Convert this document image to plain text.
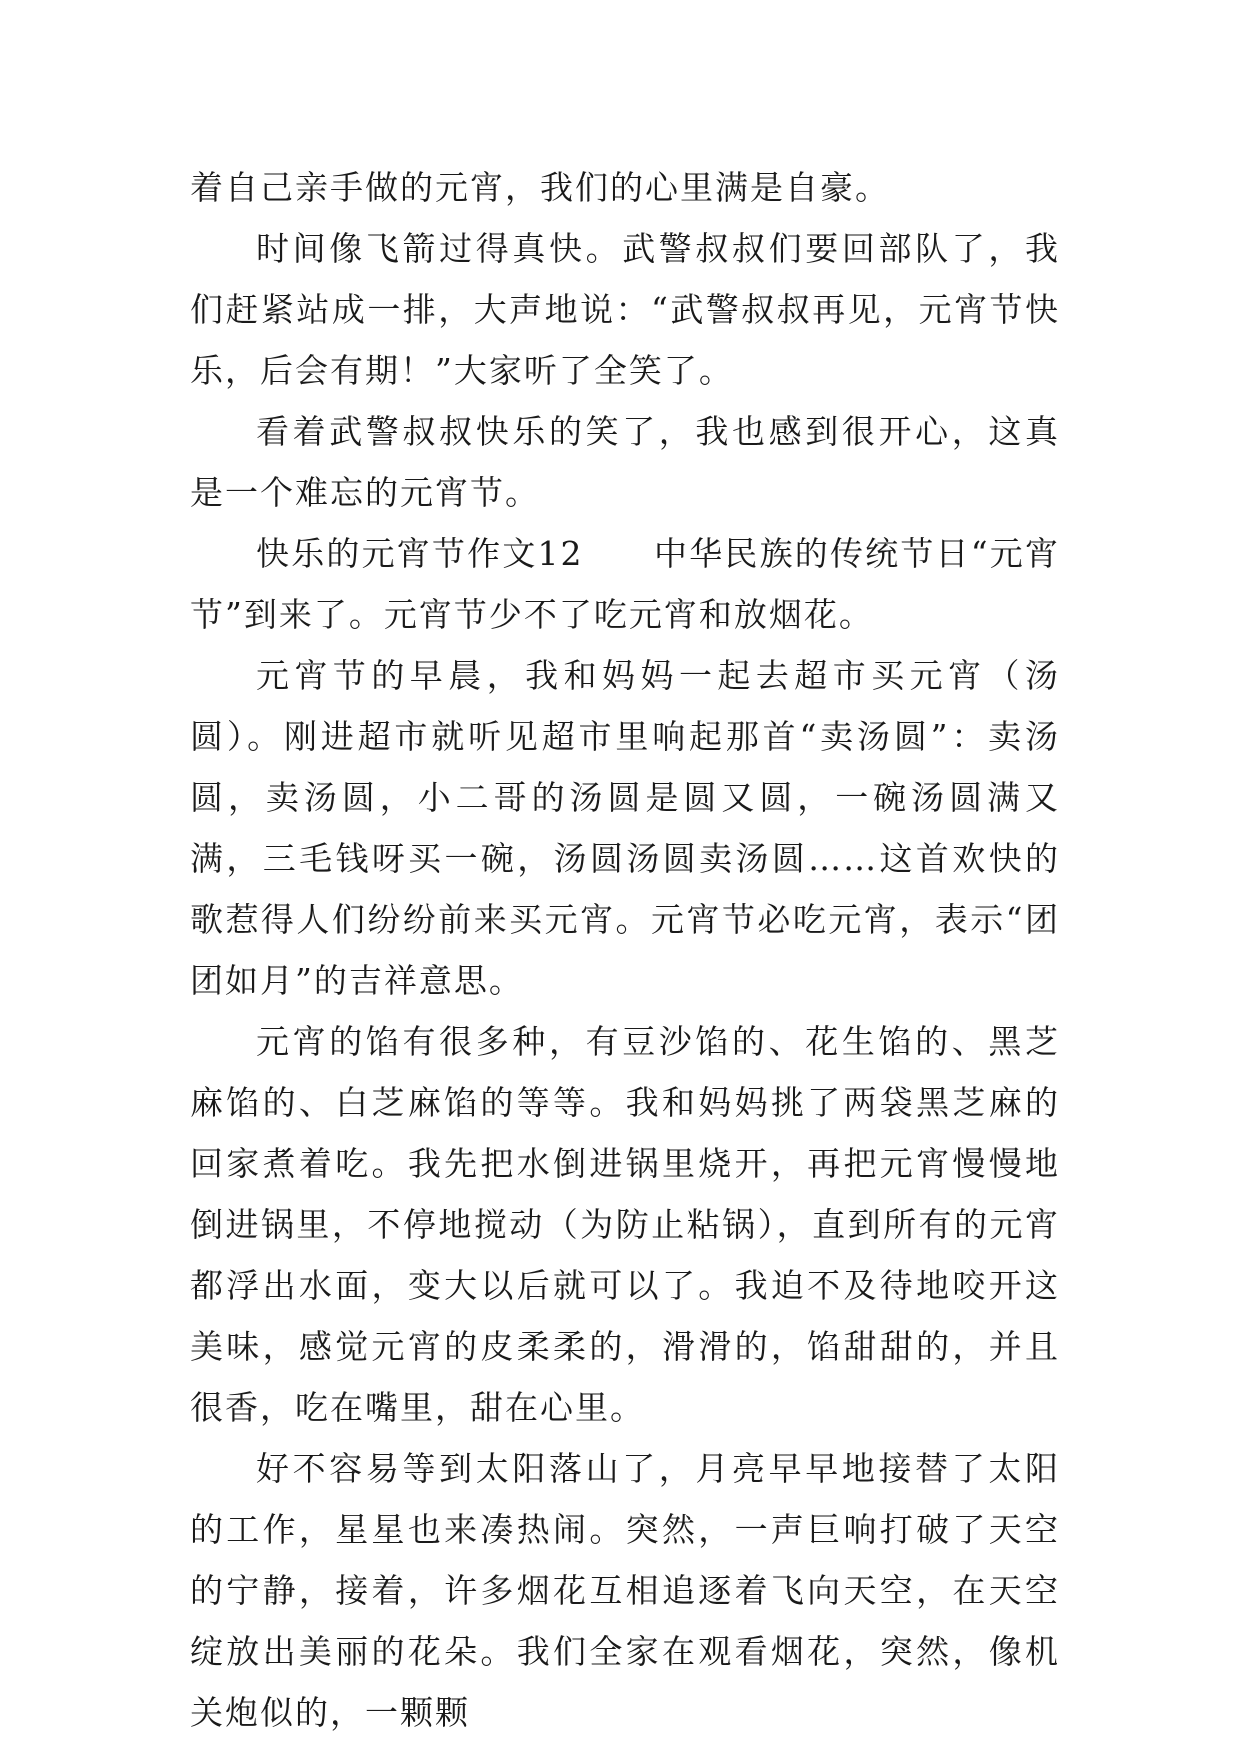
着自己亲手做的元宵，我们的心里满是自豪。

时间像飞箭过得真快。武警叔叔们要回部队了，我们赶紧站成一排，大声地说：“武警叔叔再见，元宵节快乐，后会有期！”大家听了全笑了。

看着武警叔叔快乐的笑了，我也感到很开心，这真是一个难忘的元宵节。

快乐的元宵节作文12　　中华民族的传统节日“元宵节”到来了。元宵节少不了吃元宵和放烟花。

元宵节的早晨，我和妈妈一起去超市买元宵（汤圆）。刚进超市就听见超市里响起那首“卖汤圆”：卖汤圆，卖汤圆，小二哥的汤圆是圆又圆，一碗汤圆满又满，三毛钱呀买一碗，汤圆汤圆卖汤圆……这首欢快的歌惹得人们纷纷前来买元宵。元宵节必吃元宵，表示“团团如月”的吉祥意思。

元宵的馅有很多种，有豆沙馅的、花生馅的、黑芝麻馅的、白芝麻馅的等等。我和妈妈挑了两袋黑芝麻的回家煮着吃。我先把水倒进锅里烧开，再把元宵慢慢地倒进锅里，不停地搅动（为防止粘锅），直到所有的元宵都浮出水面，变大以后就可以了。我迫不及待地咬开这美味，感觉元宵的皮柔柔的，滑滑的，馅甜甜的，并且很香，吃在嘴里，甜在心里。

好不容易等到太阳落山了，月亮早早地接替了太阳的工作，星星也来凑热闹。突然，一声巨响打破了天空的宁静，接着，许多烟花互相追逐着飞向天空，在天空绽放出美丽的花朵。我们全家在观看烟花，突然，像机关炮似的，一颗颗
